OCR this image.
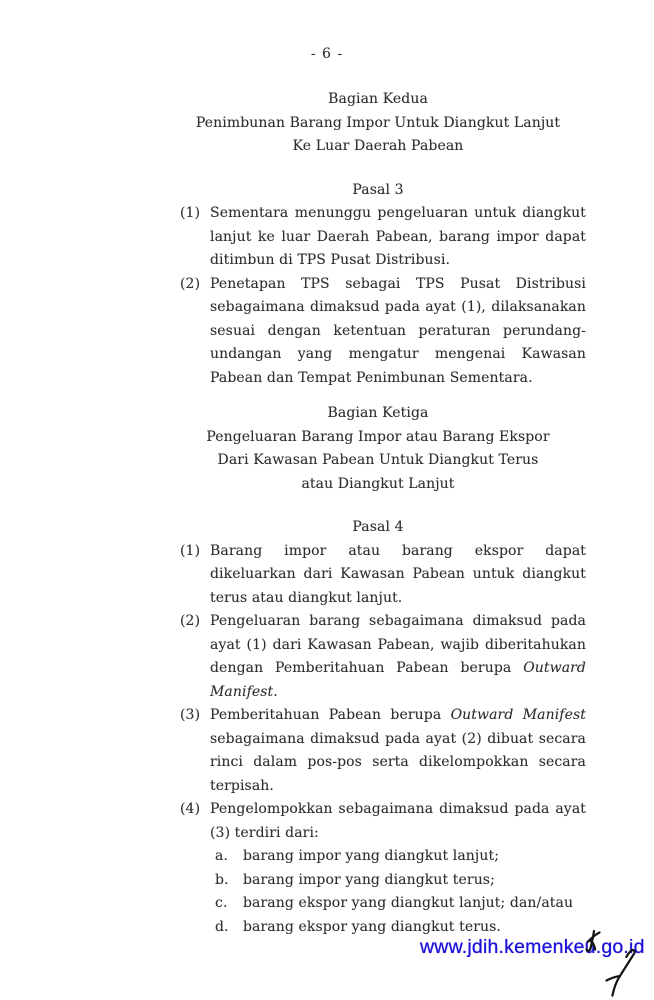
- 6 -
Bagian Kedua
Penimbunan Barang Impor Untuk Diangkut Lanjut
Ke Luar Daerah Pabean
Pasal 3
(1) Sementara menunggu pengeluaran untuk diangkut lanjut ke luar Daerah Pabean, barang impor dapat ditimbun di TPS Pusat Distribusi.
(2) Penetapan TPS sebagai TPS Pusat Distribusi sebagaimana dimaksud pada ayat (1), dilaksanakan sesuai dengan ketentuan peraturan perundang-undangan yang mengatur mengenai Kawasan Pabean dan Tempat Penimbunan Sementara.
Bagian Ketiga
Pengeluaran Barang Impor atau Barang Ekspor
Dari Kawasan Pabean Untuk Diangkut Terus
atau Diangkut Lanjut
Pasal 4
(1) Barang impor atau barang ekspor dapat dikeluarkan dari Kawasan Pabean untuk diangkut terus atau diangkut lanjut.
(2) Pengeluaran barang sebagaimana dimaksud pada ayat (1) dari Kawasan Pabean, wajib diberitahukan dengan Pemberitahuan Pabean berupa Outward Manifest.
(3) Pemberitahuan Pabean berupa Outward Manifest sebagaimana dimaksud pada ayat (2) dibuat secara rinci dalam pos-pos serta dikelompokkan secara terpisah.
(4) Pengelompokkan sebagaimana dimaksud pada ayat (3) terdiri dari:
a. barang impor yang diangkut lanjut;
b. barang impor yang diangkut terus;
c. barang ekspor yang diangkut lanjut; dan/atau
d. barang ekspor yang diangkut terus.
www.jdih.kemenkeu.go.id
